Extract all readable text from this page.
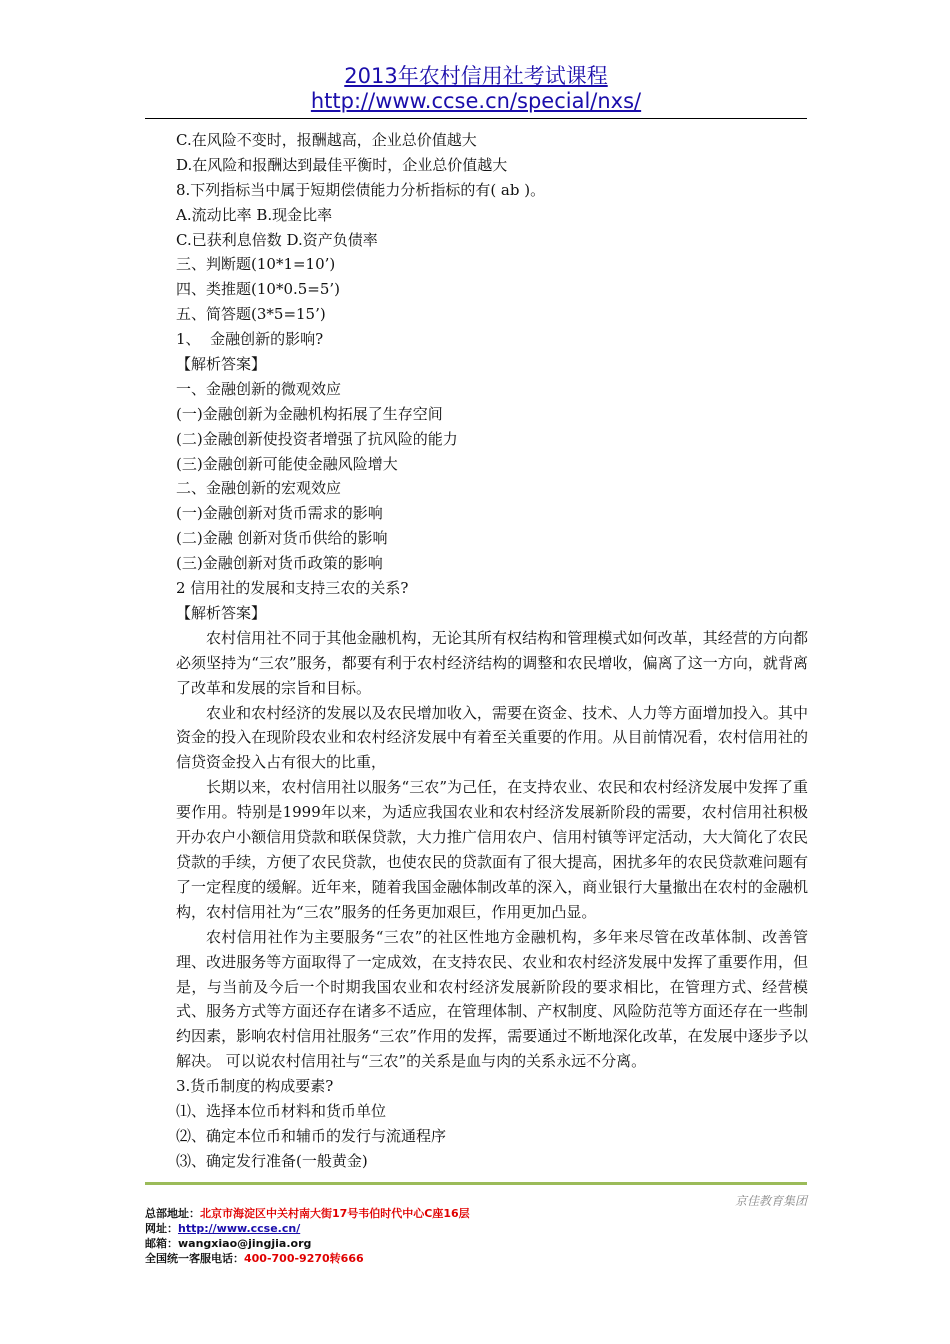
2013年农村信用社考试课程
http://www.ccse.cn/special/nxs/
C.在风险不变时，报酬越高，企业总价值越大
D.在风险和报酬达到最佳平衡时，企业总价值越大
8.下列指标当中属于短期偿债能力分析指标的有( ab )。
A.流动比率 B.现金比率
C.已获利息倍数 D.资产负债率
三、判断题(10*1=10’)
四、类推题(10*0.5=5’)
五、简答题(3*5=15’)
1、  金融创新的影响?
【解析答案】
一、金融创新的微观效应
(一)金融创新为金融机构拓展了生存空间
(二)金融创新使投资者增强了抗风险的能力
(三)金融创新可能使金融风险增大
二、金融创新的宏观效应
(一)金融创新对货币需求的影响
(二)金融 创新对货币供给的影响
(三)金融创新对货币政策的影响
2 信用社的发展和支持三农的关系?
【解析答案】

农村信用社不同于其他金融机构，无论其所有权结构和管理模式如何改革，其经营的方向都必须坚持为“三农”服务，都要有利于农村经济结构的调整和农民增收，偏离了这一方向，就背离了改革和发展的宗旨和目标。

农业和农村经济的发展以及农民增加收入，需要在资金、技术、人力等方面增加投入。其中资金的投入在现阶段农业和农村经济发展中有着至关重要的作用。从目前情况看，农村信用社的信贷资金投入占有很大的比重，

长期以来，农村信用社以服务“三农”为己任，在支持农业、农民和农村经济发展中发挥了重要作用。特别是1999年以来，为适应我国农业和农村经济发展新阶段的需要，农村信用社积极开办农户小额信用贷款和联保贷款，大力推广信用农户、信用村镇等评定活动，大大简化了农民贷款的手续，方便了农民贷款，也使农民的贷款面有了很大提高，困扰多年的农民贷款难问题有了一定程度的缓解。近年来，随着我国金融体制改革的深入，商业银行大量撤出在农村的金融机构，农村信用社为“三农”服务的任务更加艰巨，作用更加凸显。

农村信用社作为主要服务“三农”的社区性地方金融机构，多年来尽管在改革体制、改善管理、改进服务等方面取得了一定成效，在支持农民、农业和农村经济发展中发挥了重要作用，但是，与当前及今后一个时期我国农业和农村经济发展新阶段的要求相比，在管理方式、经营模式、服务方式等方面还存在诸多不适应，在管理体制、产权制度、风险防范等方面还存在一些制约因素，影响农村信用社服务“三农”作用的发挥，需要通过不断地深化改革，在发展中逐步予以解决。 可以说农村信用社与“三农”的关系是血与肉的关系永远不分离。

3.货币制度的构成要素?
⑴、选择本位币材料和货币单位
⑵、确定本位币和辅币的发行与流通程序
⑶、确定发行准备(一般黄金)
京佳教育集团
总部地址：北京市海淀区中关村南大街17号韦伯时代中心C座16层
网址：http://www.ccse.cn/
邮箱：wangxiao@jingjia.org
全国统一客服电话：400-700-9270转666
